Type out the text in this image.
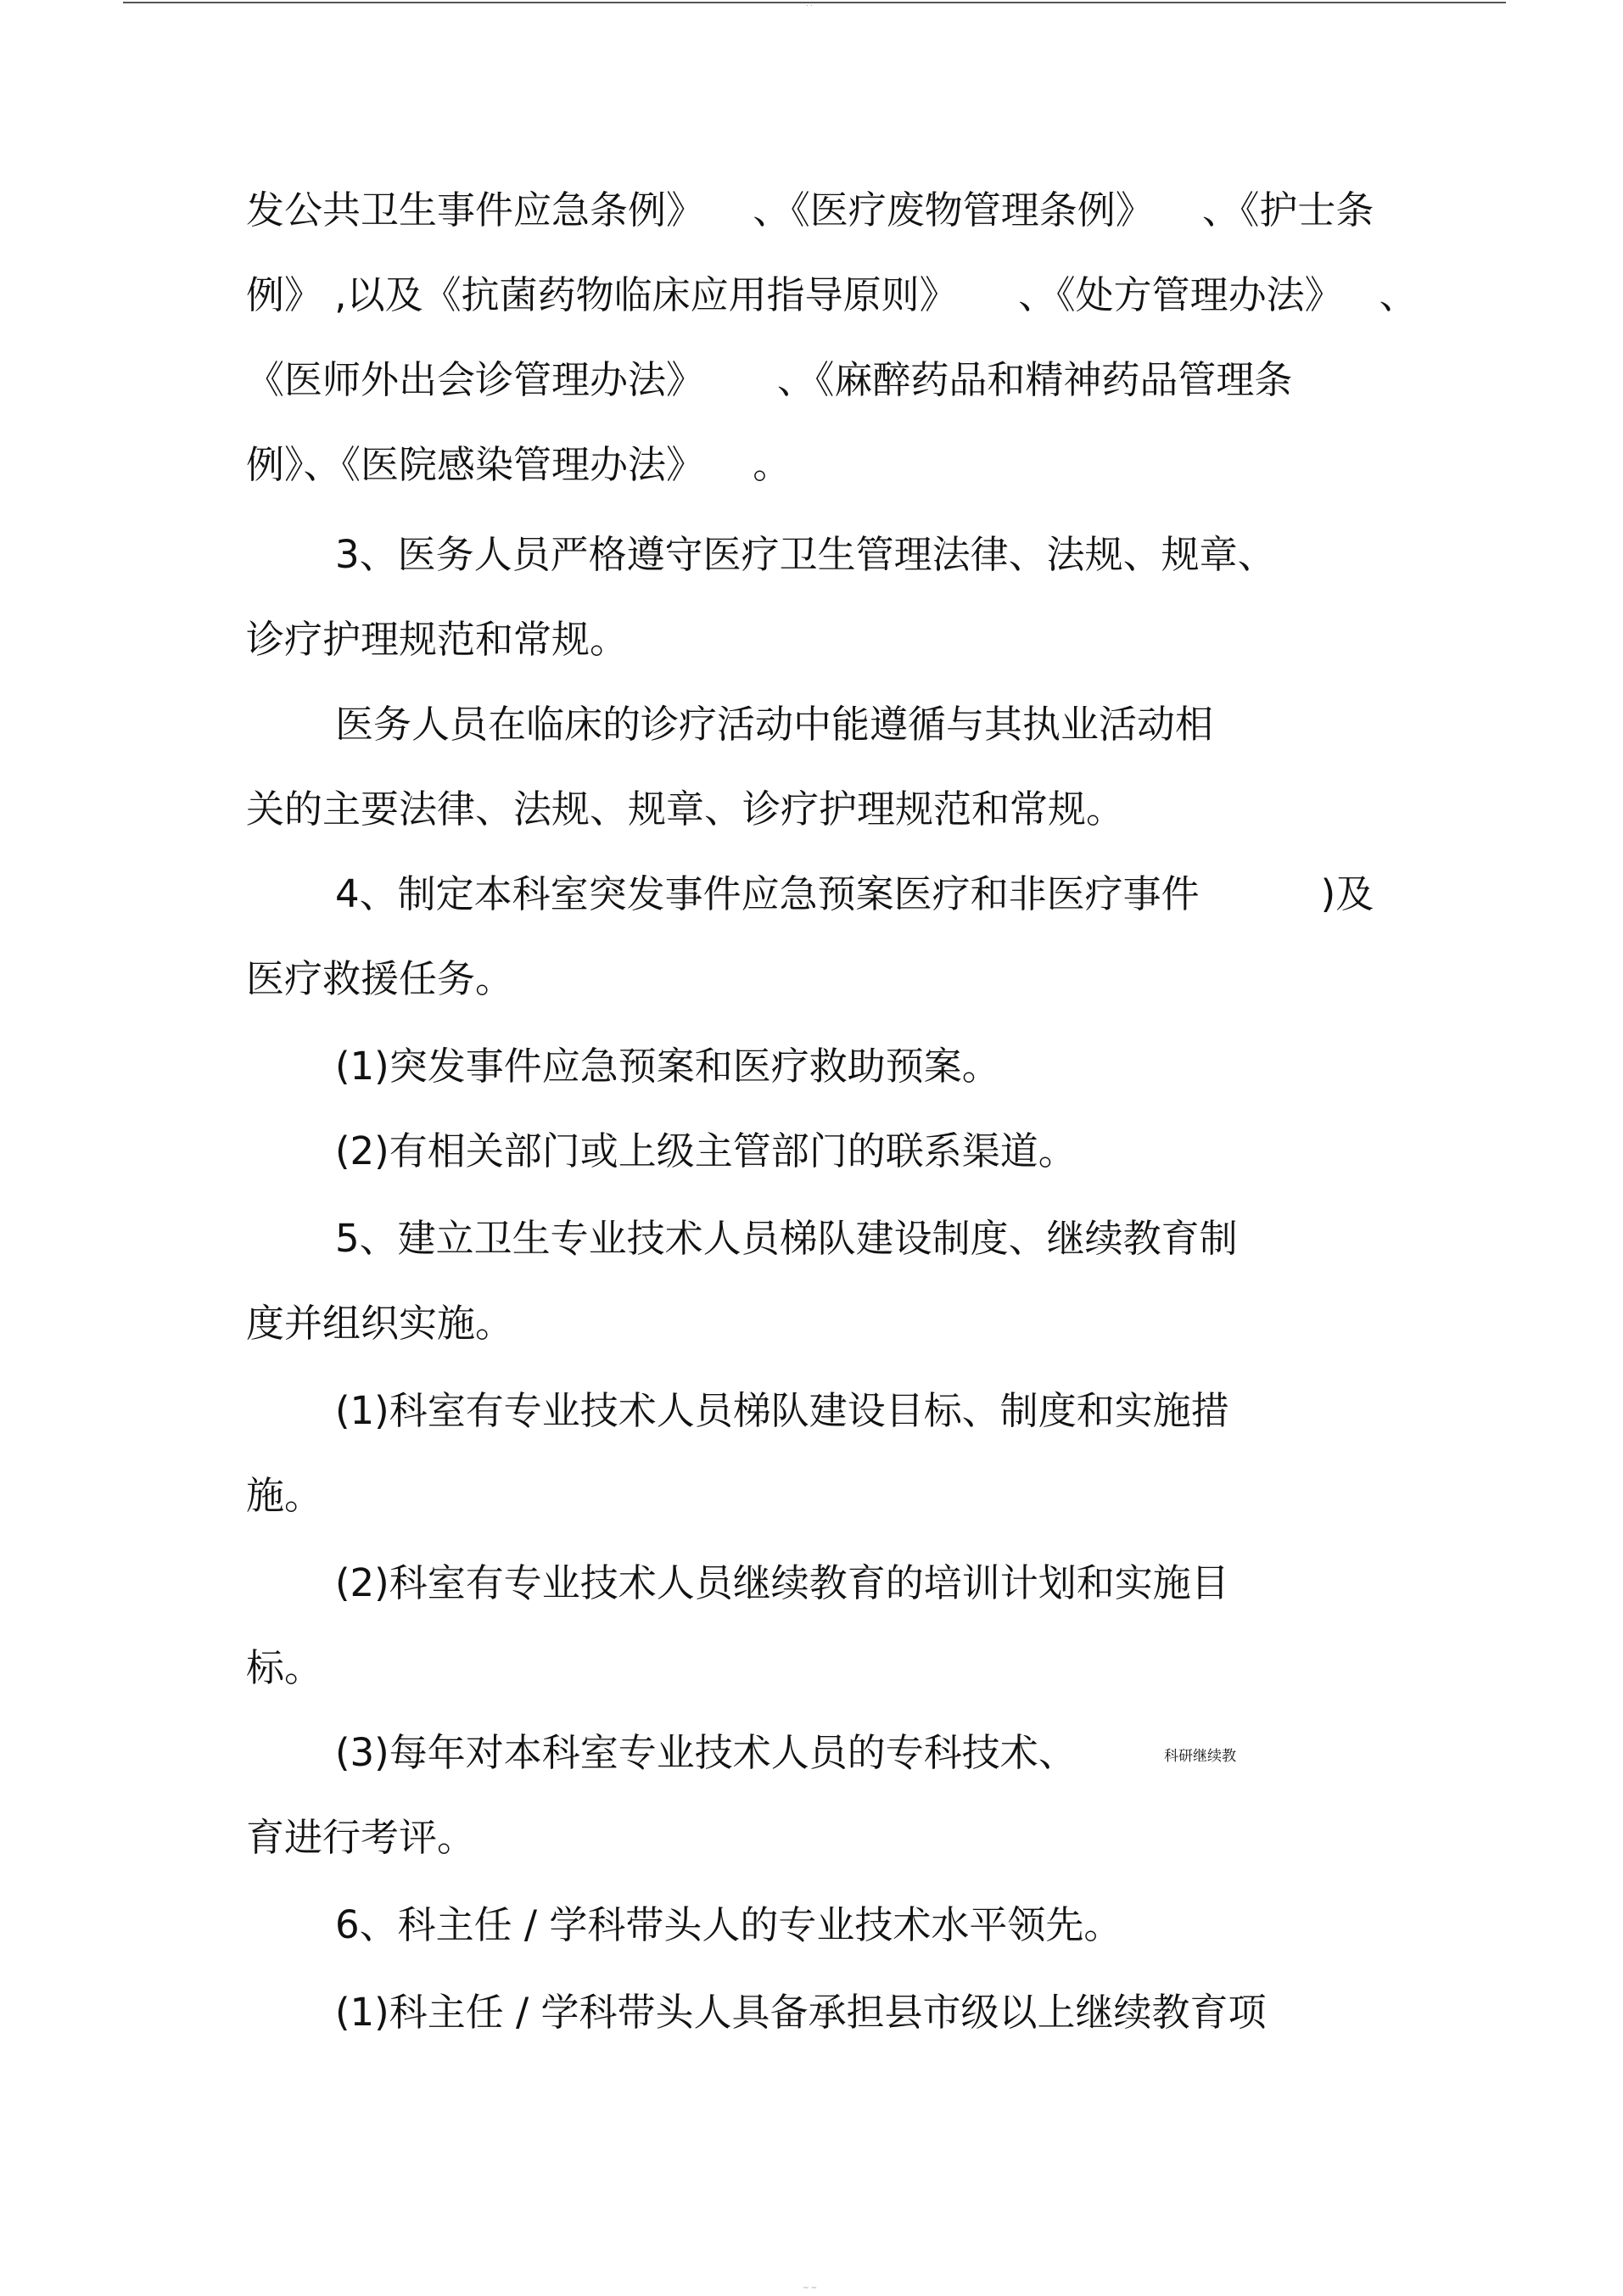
..
发公共卫生事件应急条例》    、《医疗废物管理条例》    、《护士条
例》 ,以及《抗菌药物临床应用指导原则》     、《处方管理办法》   、
《医师外出会诊管理办法》      、《麻醉药品和精神药品管理条
例》、《医院感染管理办法》    。
3、医务人员严格遵守医疗卫生管理法律、法规、规章、
诊疗护理规范和常规。
医务人员在临床的诊疗活动中能遵循与其执业活动相
关的主要法律、法规、规章、诊疗护理规范和常规。
4、制定本科室突发事件应急预案医疗和非医疗事件          )及
医疗救援任务。
(1)突发事件应急预案和医疗救助预案。
(2)有相关部门或上级主管部门的联系渠道。
5、建立卫生专业技术人员梯队建设制度、继续教育制
度并组织实施。
(1)科室有专业技术人员梯队建设目标、制度和实施措
施。
(2)科室有专业技术人员继续教育的培训计划和实施目
标。
(3)每年对本科室专业技术人员的专科技术、	科研继续教
育进行考评。
6、科主任 / 学科带头人的专业技术水平领先。
(1)科主任 / 学科带头人具备承担县市级以上继续教育项
~~
